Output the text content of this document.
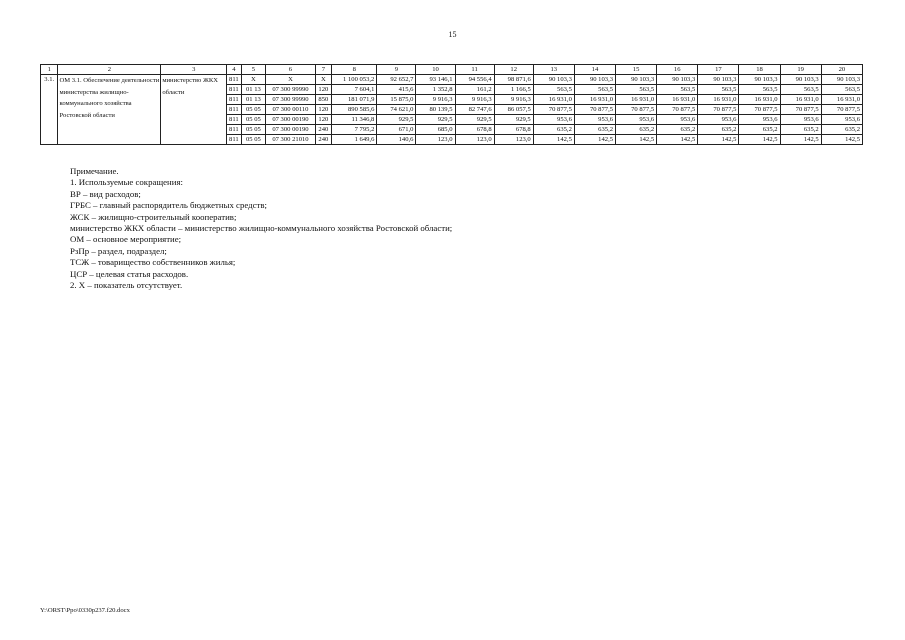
15
1	2	3	4	5	6	7	8	9	10	11	12	13	14	15	16	17	18	19	20
3.1.	ОМ 3.1. Обеспечение деятельности министерства жилищно-коммунального хозяйства Ростовской области	министерство ЖКХ области	811	Х	Х	Х	1 100 053,2	92 652,7	93 146,1	94 556,4	98 871,6	90 103,3	90 103,3	90 103,3	90 103,3	90 103,3	90 103,3	90 103,3	90 103,3
			811	01 13	07 300 99990	120	7 604,1	415,6	1 352,8	161,2	1 166,5	563,5	563,5	563,5	563,5	563,5	563,5	563,5	563,5
			811	01 13	07 300 99990	850	181 071,9	15 875,0	9 916,3	9 916,3	9 916,3	16 931,0	16 931,0	16 931,0	16 931,0	16 931,0	16 931,0	16 931,0	16 931,0
			811	05 05	07 300 00110	120	890 585,6	74 621,0	80 139,5	82 747,6	86 057,5	70 877,5	70 877,5	70 877,5	70 877,5	70 877,5	70 877,5	70 877,5	70 877,5
			811	05 05	07 300 00190	120	11 346,8	929,5	929,5	929,5	929,5	953,6	953,6	953,6	953,6	953,6	953,6	953,6	953,6
			811	05 05	07 300 00190	240	7 795,2	671,0	685,0	678,8	678,8	635,2	635,2	635,2	635,2	635,2	635,2	635,2	635,2
			811	05 05	07 300 21010	240	1 649,6	140,6	123,0	123,0	123,0	142,5	142,5	142,5	142,5	142,5	142,5	142,5	142,5
Примечание.
1. Используемые сокращения:
ВР – вид расходов;
ГРБС – главный распорядитель бюджетных средств;
ЖСК – жилищно-строительный кооператив;
министерство ЖКХ области – министерство жилищно-коммунального хозяйства Ростовской области;
ОМ – основное мероприятие;
РзПр – раздел, подраздел;
ТСЖ – товарищество собственников жилья;
ЦСР – целевая статья расходов.
2. Х – показатель отсутствует.
Y:\ORST\Ppo\0330p237.f20.docx
